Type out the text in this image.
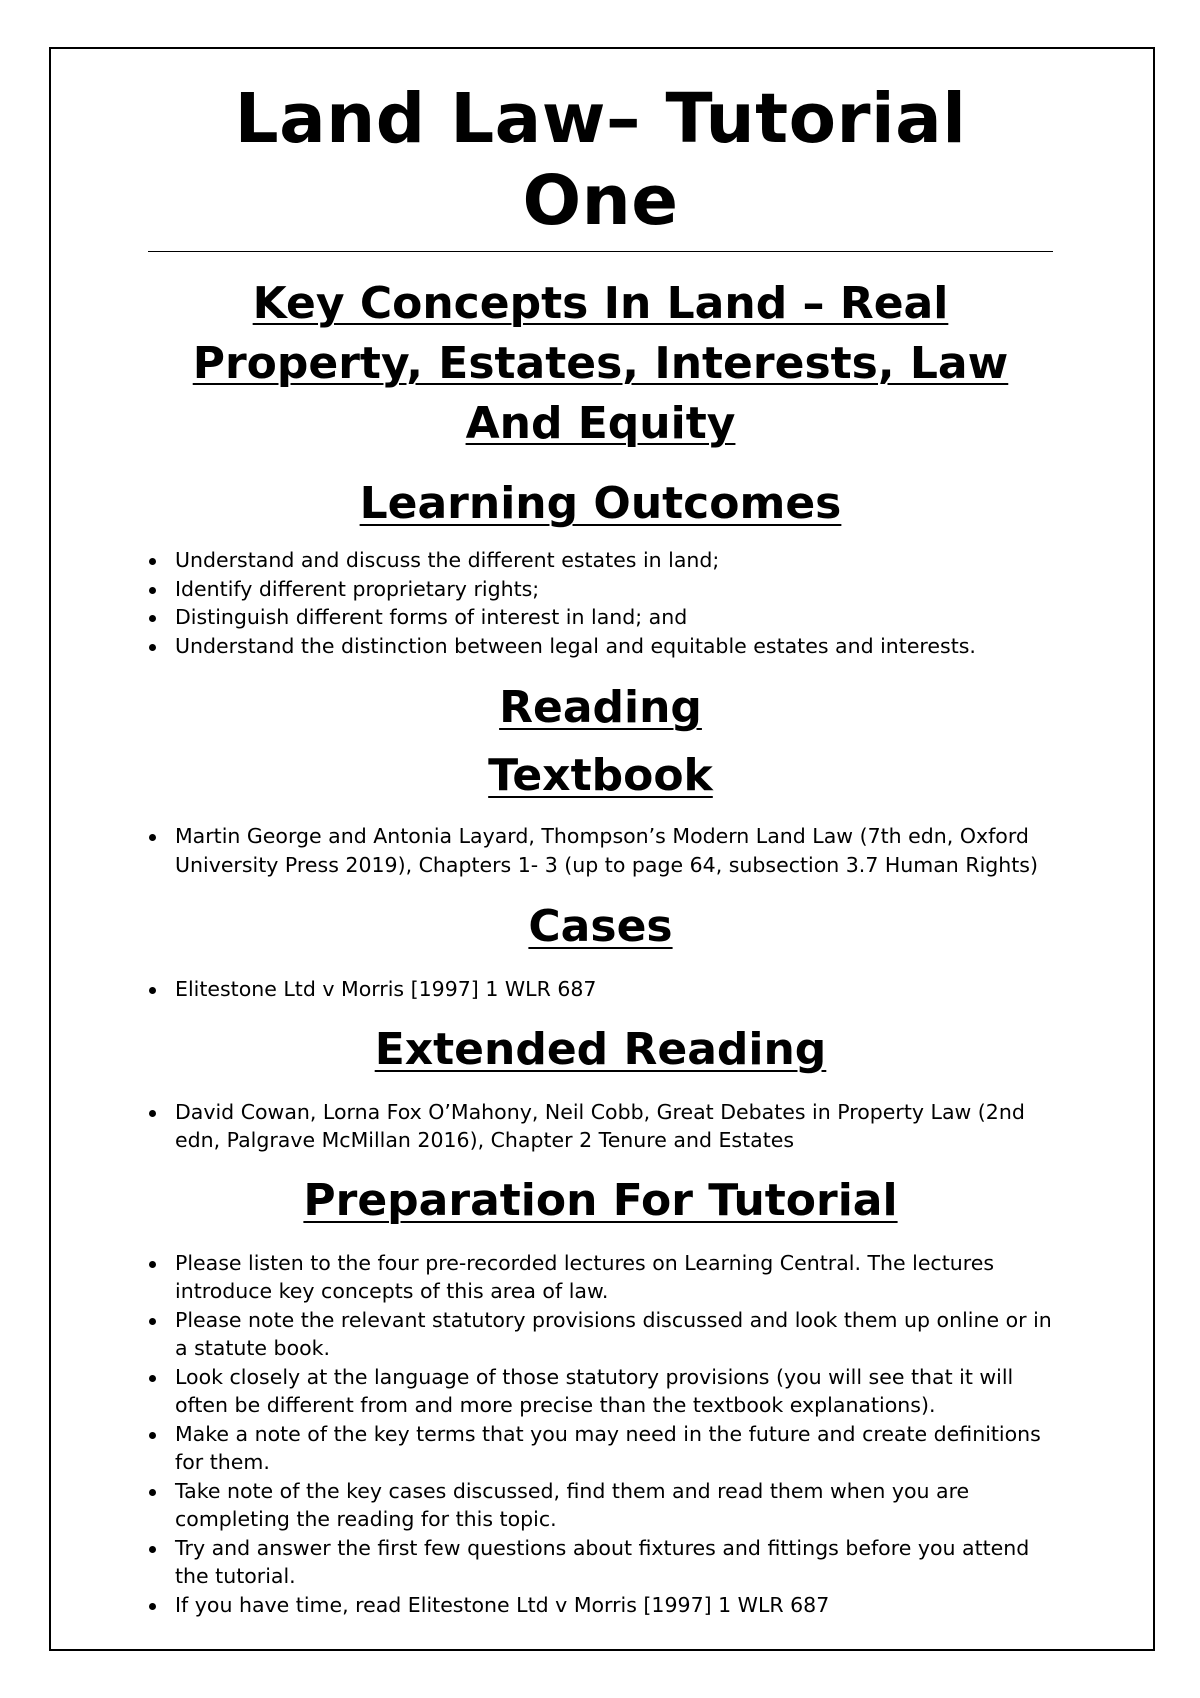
Land Law– Tutorial One
Key Concepts In Land – Real Property, Estates, Interests, Law And Equity
Learning Outcomes
Understand and discuss the different estates in land;
Identify different proprietary rights;
Distinguish different forms of interest in land; and
Understand the distinction between legal and equitable estates and interests.
Reading
Textbook
Martin George and Antonia Layard, Thompson’s Modern Land Law (7th edn, Oxford University Press 2019), Chapters 1- 3 (up to page 64, subsection 3.7 Human Rights)
Cases
Elitestone Ltd v Morris [1997] 1 WLR 687
Extended Reading
David Cowan, Lorna Fox O’Mahony, Neil Cobb, Great Debates in Property Law (2nd edn, Palgrave McMillan 2016), Chapter 2 Tenure and Estates
Preparation For Tutorial
Please listen to the four pre-recorded lectures on Learning Central. The lectures introduce key concepts of this area of law.
Please note the relevant statutory provisions discussed and look them up online or in a statute book.
Look closely at the language of those statutory provisions (you will see that it will often be different from and more precise than the textbook explanations).
Make a note of the key terms that you may need in the future and create definitions for them.
Take note of the key cases discussed, find them and read them when you are completing the reading for this topic.
Try and answer the first few questions about fixtures and fittings before you attend the tutorial.
If you have time, read Elitestone Ltd v Morris [1997] 1 WLR 687
